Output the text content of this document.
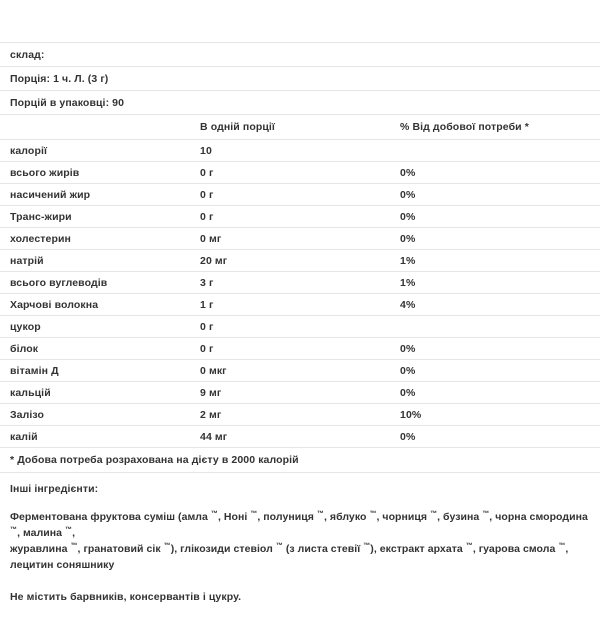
склад:		
Порція: 1 ч. Л. (3 г)		
Порцій в упаковці: 90		
	В одній порції	% Від добової потреби *
калорії	10	
всього жирів	0 г	0%
насичений жир	0 г	0%
Транс-жири	0 г	0%
холестерин	0 мг	0%
натрій	20 мг	1%
всього вуглеводів	3 г	1%
Харчові волокна	1 г	4%
цукор	0 г	
білок	0 г	0%
вітамін Д	0 мкг	0%
кальцій	9 мг	0%
Залізо	2 мг	10%
калій	44 мг	0%
* Добова потреба розрахована на дієту в 2000 калорій		

Інші інгредієнти:

Ферментована фруктова суміш (амла ™, Ноні ™, полуниця ™, яблуко ™, чорниця ™, бузина ™, чорна смородина ™, малина ™,
журавлина ™, гранатовий сік ™), глікозиди стевіол ™ (з листа стевії ™), екстракт архата ™, гуарова смола ™, лецитин соняшнику

Не містить барвників, консервантів і цукру.
